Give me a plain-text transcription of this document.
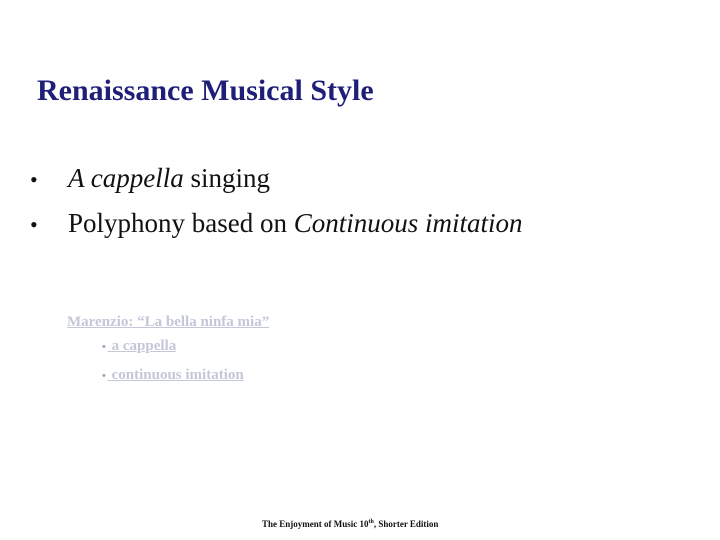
Renaissance Musical Style
•	A cappella singing
•	Polyphony based on Continuous imitation
Marenzio: “La bella ninfa mia”
• a cappella
• continuous imitation
The Enjoyment of Music 10th, Shorter Edition
